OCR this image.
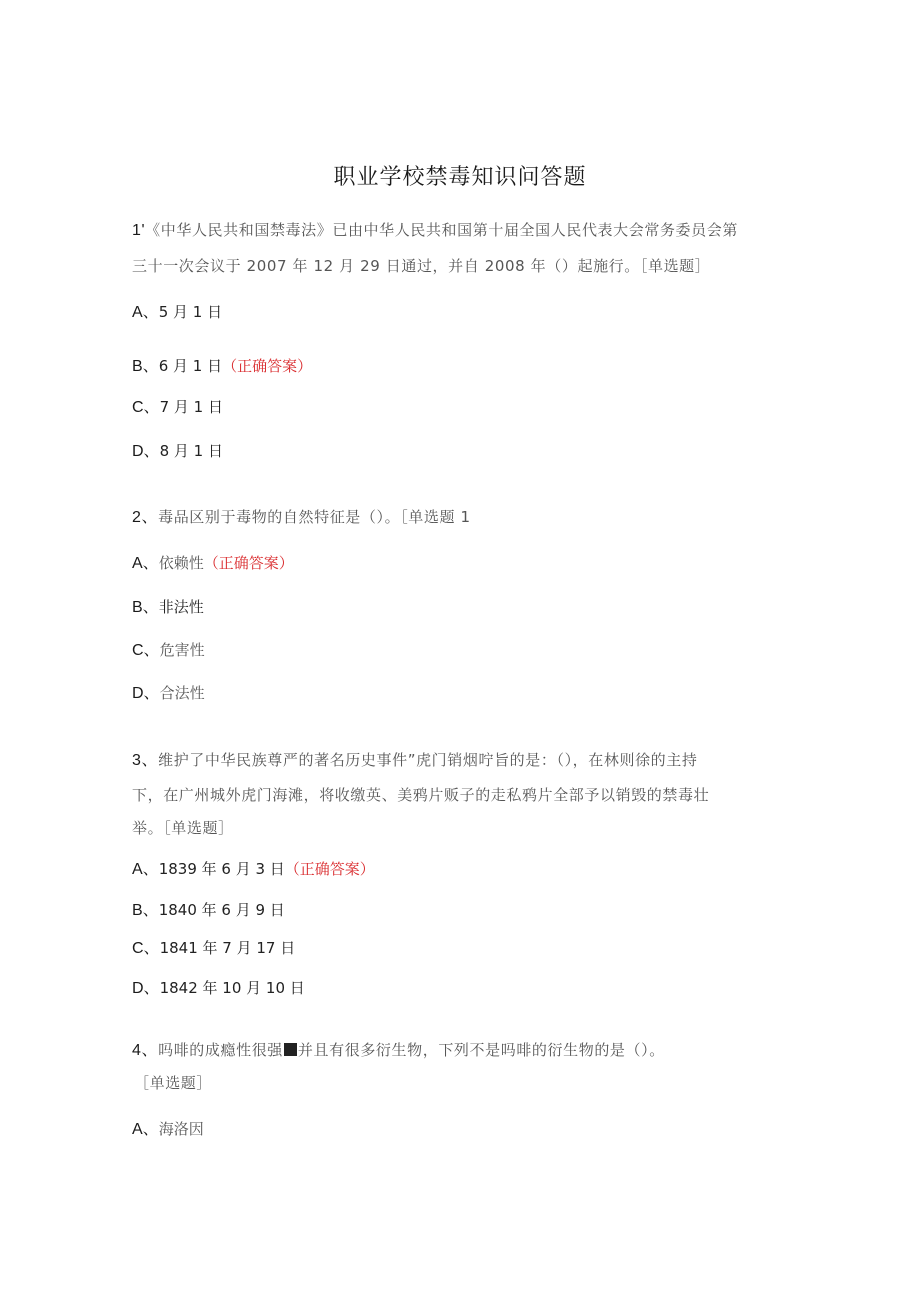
职业学校禁毒知识问答题
1'《中华人民共和国禁毒法》已由中华人民共和国第十届全国人民代表大会常务委员会第
三十一次会议于 2007 年 12 月 29 日通过，并自 2008 年（）起施行。［单选题］
A、5 月 1 日
B、6 月 1 日（正确答案）
C、7 月 1 日
D、8 月 1 日
2、毒品区别于毒物的自然特征是（）。［单选题 1
A、依赖性（正确答案）
B、非法性
C、危害性
D、合法性
3、维护了中华民族尊严的著名历史事件”虎门销烟咛旨的是：（），在林则徐的主持
下，在广州城外虎门海滩，将收缴英、美鸦片贩子的走私鸦片全部予以销毁的禁毒壮
举。［单选题］
A、1839 年 6 月 3 日（正确答案）
B、1840 年 6 月 9 日
C、1841 年 7 月 17 日
D、1842 年 10 月 10 日
4、吗啡的成瘾性很强 并且有很多衍生物，下列不是吗啡的衍生物的是（）。
［单选题］
A、海洛因
